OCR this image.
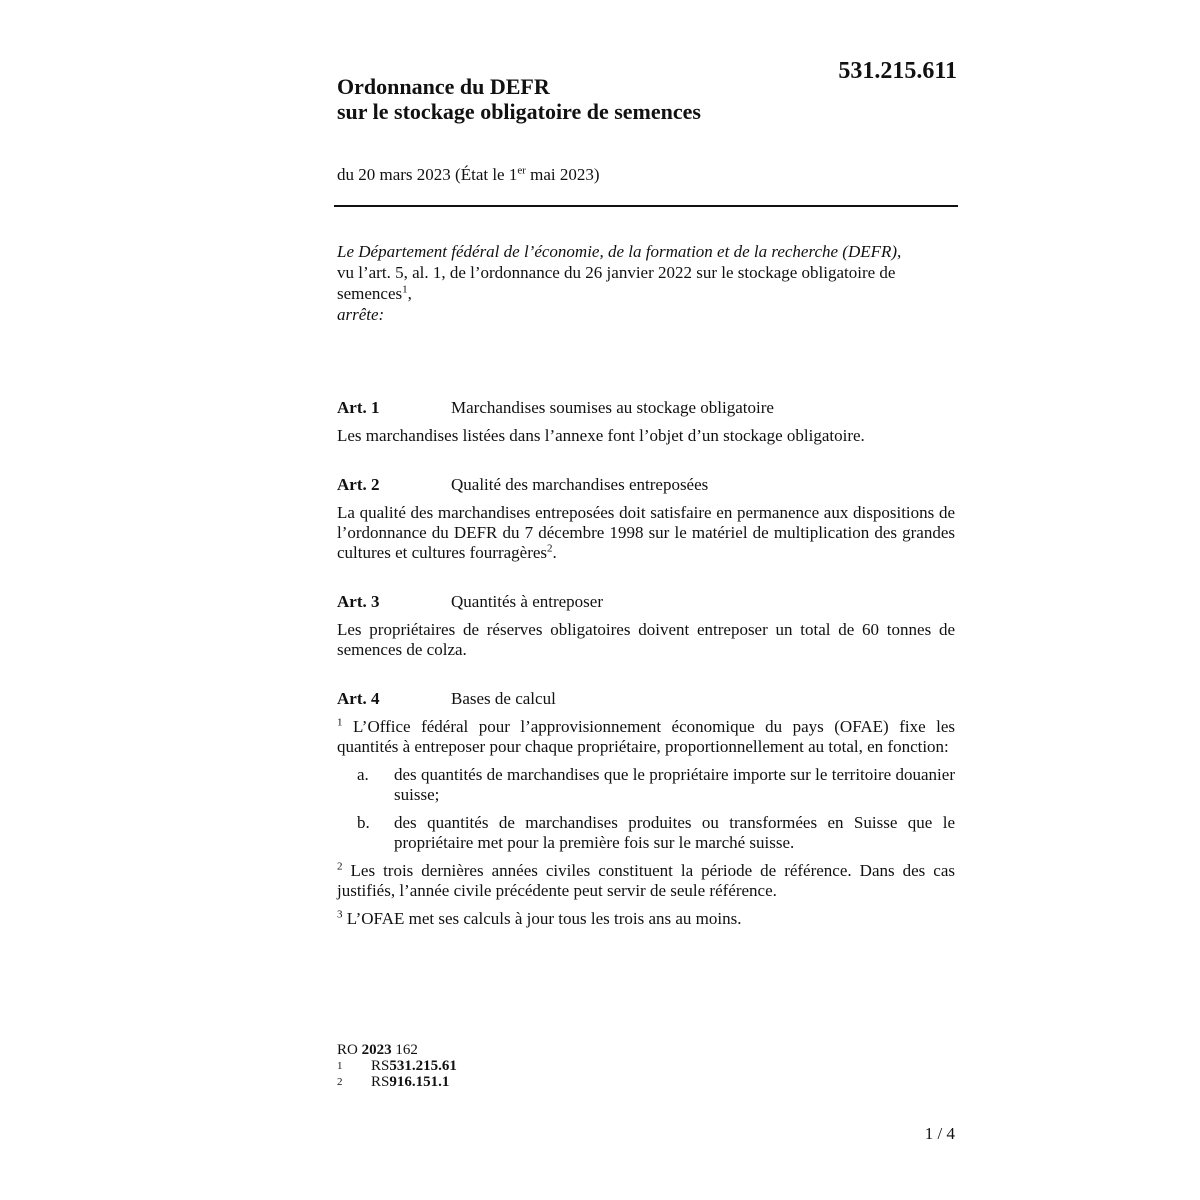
531.215.611
Ordonnance du DEFR
sur le stockage obligatoire de semences
du 20 mars 2023 (État le 1er mai 2023)
Le Département fédéral de l’économie, de la formation et de la recherche (DEFR),
vu l’art. 5, al. 1, de l’ordonnance du 26 janvier 2022 sur le stockage obligatoire de semences$^1$,
arrête:
Art. 1	Marchandises soumises au stockage obligatoire
Les marchandises listées dans l’annexe font l’objet d’un stockage obligatoire.
Art. 2	Qualité des marchandises entreposées
La qualité des marchandises entreposées doit satisfaire en permanence aux dispositions de l’ordonnance du DEFR du 7 décembre 1998 sur le matériel de multiplication des grandes cultures et cultures fourragères$^2$.
Art. 3	Quantités à entreposer
Les propriétaires de réserves obligatoires doivent entreposer un total de 60 tonnes de semences de colza.
Art. 4	Bases de calcul
$^1$ L’Office fédéral pour l’approvisionnement économique du pays (OFAE) fixe les quantités à entreposer pour chaque propriétaire, proportionnellement au total, en fonction:
a.	des quantités de marchandises que le propriétaire importe sur le territoire douanier suisse;
b.	des quantités de marchandises produites ou transformées en Suisse que le propriétaire met pour la première fois sur le marché suisse.
$^2$ Les trois dernières années civiles constituent la période de référence. Dans des cas justifiés, l’année civile précédente peut servir de seule référence.
$^3$ L’OFAE met ses calculs à jour tous les trois ans au moins.
RO 2023 162
1	RS 531.215.61
2	RS 916.151.1
1 / 4
